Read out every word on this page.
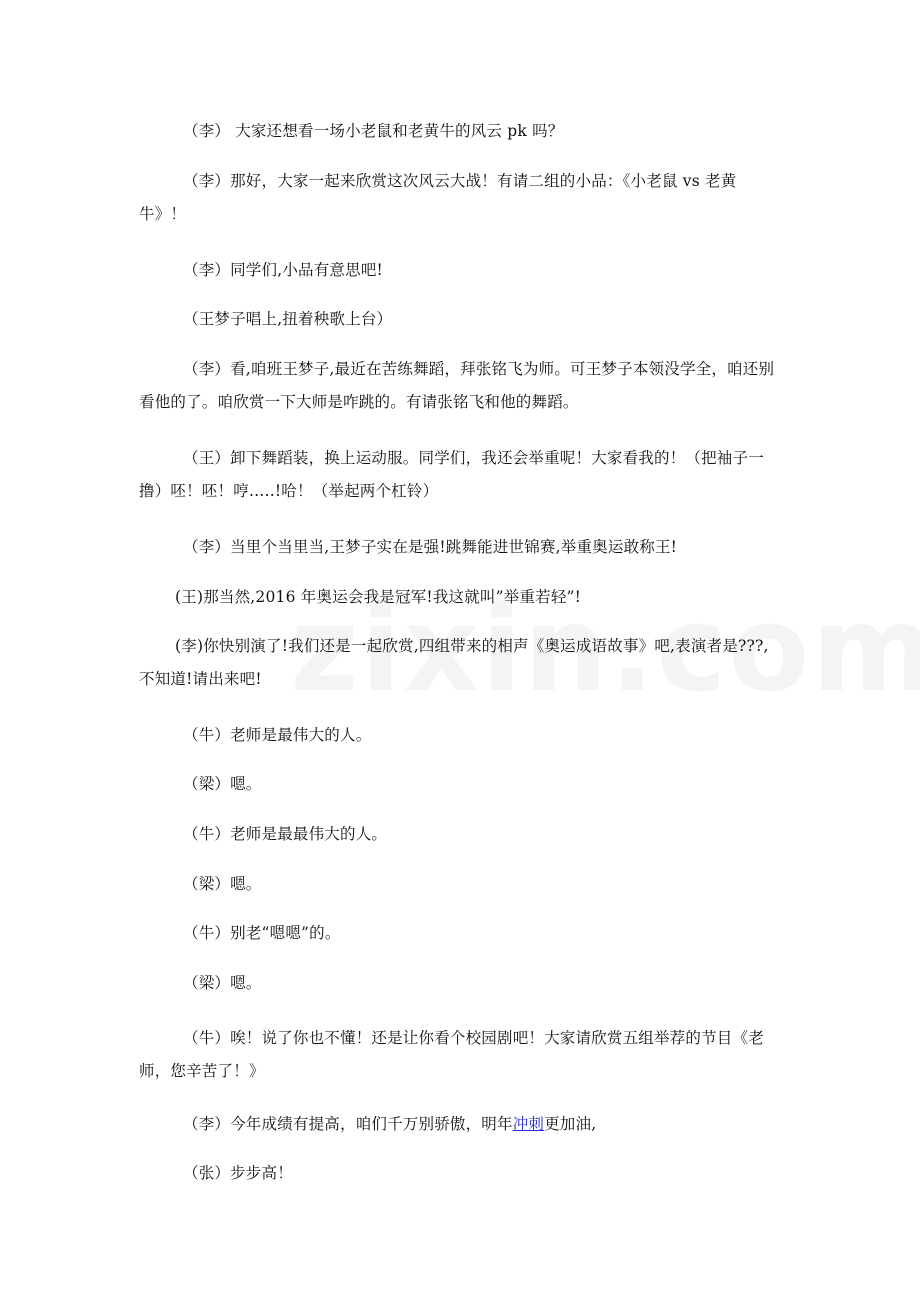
（李） 大家还想看一场小老鼠和老黄牛的风云 pk 吗？
（李）那好，大家一起来欣赏这次风云大战！有请二组的小品：《小老鼠 vs 老黄
牛》！
（李）同学们,小品有意思吧!
（王梦子唱上,扭着秧歌上台）
（李）看,咱班王梦子,最近在苦练舞蹈，拜张铭飞为师。可王梦子本领没学全，咱还别
看他的了。咱欣赏一下大师是咋跳的。有请张铭飞和他的舞蹈。
（王）卸下舞蹈装，换上运动服。同学们，我还会举重呢！大家看我的！（把袖子一
撸）呸！呸！哼…..!哈！（举起两个杠铃）
（李）当里个当里当,王梦子实在是强!跳舞能进世锦赛,举重奥运敢称王!
(王)那当然,2016 年奥运会我是冠军!我这就叫”举重若轻”!
(李)你快别演了!我们还是一起欣赏,四组带来的相声《奥运成语故事》吧,表演者是???,
不知道!请出来吧!
（牛）老师是最伟大的人。
（梁）嗯。
（牛）老师是最最伟大的人。
（梁）嗯。
（牛）别老“嗯嗯”的。
（梁）嗯。
（牛）唉！说了你也不懂！还是让你看个校园剧吧！大家请欣赏五组举荐的节目《老
师，您辛苦了！》
（李）今年成绩有提高，咱们千万别骄傲，明年冲刺更加油,
（张）步步高！
